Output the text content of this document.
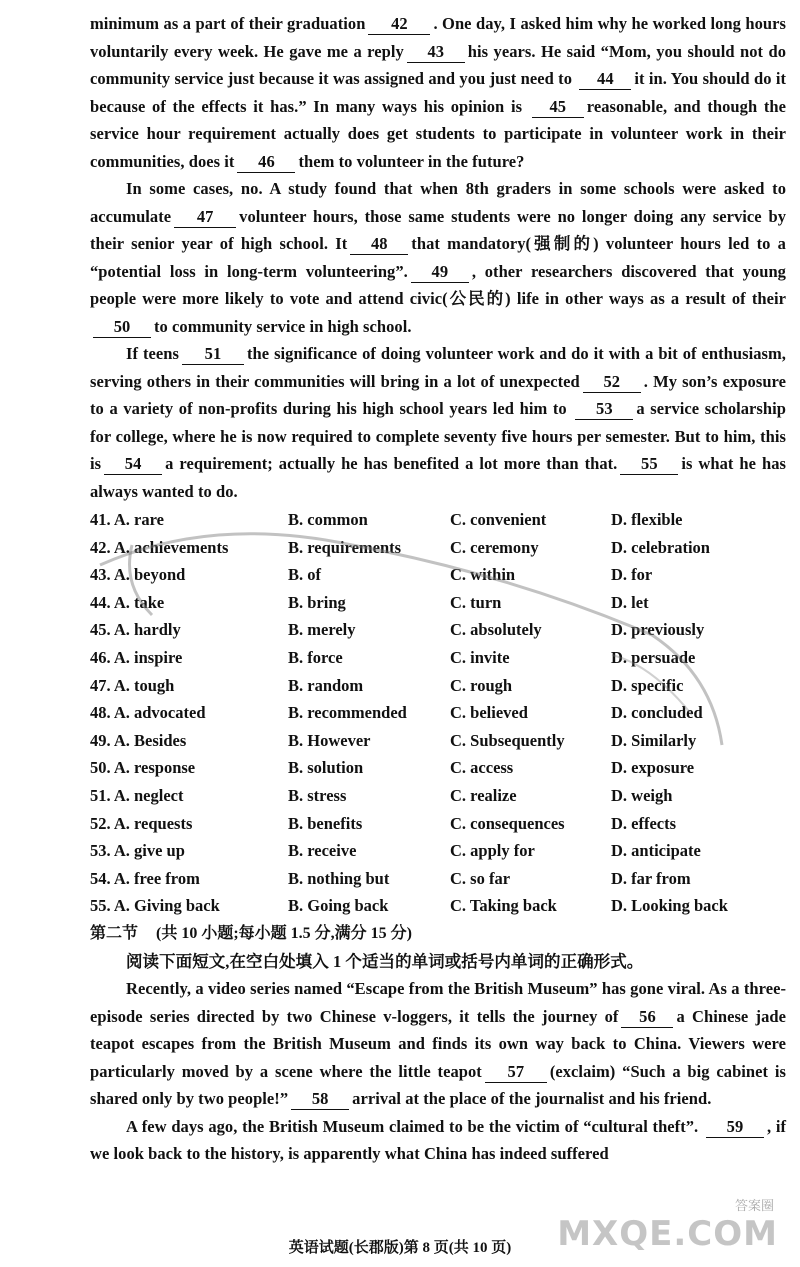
minimum as a part of their graduation 42 . One day, I asked him why he worked long hours voluntarily every week. He gave me a reply 43 his years. He said “Mom, you should not do community service just because it was assigned and you just need to 44 it in. You should do it because of the effects it has.” In many ways his opinion is 45 reasonable, and though the service hour requirement actually does get students to participate in volunteer work in their communities, does it 46 them to volunteer in the future?

In some cases, no. A study found that when 8th graders in some schools were asked to accumulate 47 volunteer hours, those same students were no longer doing any service by their senior year of high school. It 48 that mandatory(强制的) volunteer hours led to a “potential loss in long-term volunteering”. 49 , other researchers discovered that young people were more likely to vote and attend civic(公民的) life in other ways as a result of their50 to community service in high school.

If teens 51 the significance of doing volunteer work and do it with a bit of enthusiasm, serving others in their communities will bring in a lot of unexpected 52 . My son’s exposure to a variety of non-profits during his high school years led him to 53 a service scholarship for college, where he is now required to complete seventy five hours per semester. But to him, this is 54 a requirement; actually he has benefited a lot more than that. 55 is what he has always wanted to do.

41. A. rare	B. common	C. convenient	D. flexible
42. A. achievements	B. requirements	C. ceremony	D. celebration
43. A. beyond	B. of	C. within	D. for
44. A. take	B. bring	C. turn	D. let
45. A. hardly	B. merely	C. absolutely	D. previously
46. A. inspire	B. force	C. invite	D. persuade
47. A. tough	B. random	C. rough	D. specific
48. A. advocated	B. recommended	C. believed	D. concluded
49. A. Besides	B. However	C. Subsequently	D. Similarly
50. A. response	B. solution	C. access	D. exposure
51. A. neglect	B. stress	C. realize	D. weigh
52. A. requests	B. benefits	C. consequences	D. effects
53. A. give up	B. receive	C. apply for	D. anticipate
54. A. free from	B. nothing but	C. so far	D. far from
55. A. Giving back	B. Going back	C. Taking back	D. Looking back

第二节 (共 10 小题;每小题 1.5 分,满分 15 分)

阅读下面短文,在空白处填入 1 个适当的单词或括号内单词的正确形式。

Recently, a video series named “Escape from the British Museum” has gone viral. As a three-episode series directed by two Chinese v-loggers, it tells the journey of 56 a Chinese jade teapot escapes from the British Museum and finds its own way back to China. Viewers were particularly moved by a scene where the little teapot 57 (exclaim) “Such a big cabinet is shared only by two people!” 58 arrival at the place of the journalist and his friend.

A few days ago, the British Museum claimed to be the victim of “cultural theft”. 59 , if we look back to the history, is apparently what China has indeed suffered

答案圈
MXQE.COM
英语试题(长郡版)第 8 页(共 10 页)
